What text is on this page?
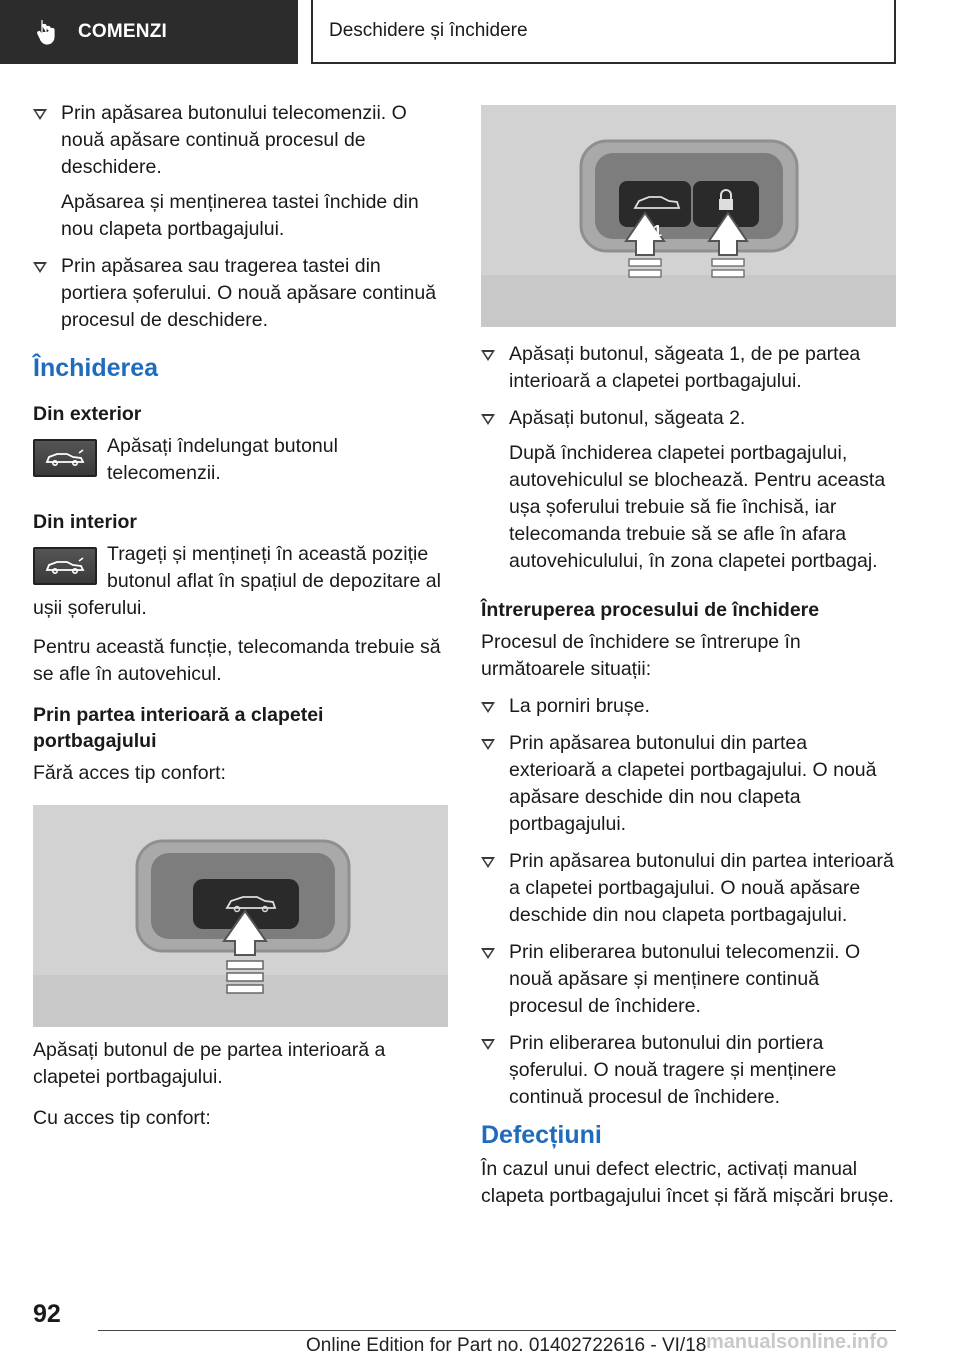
COMENZI	Deschidere și închidere
Prin apăsarea butonului telecomenzii. O nouă apăsare continuă procesul de deschidere.
Apăsarea și menținerea tastei închide din nou clapeta portbagajului.
Prin apăsarea sau tragerea tastei din portiera șoferului. O nouă apăsare continuă procesul de deschidere.
Închiderea
Din exterior

Apăsați îndelungat butonul telecomenzii.

Din interior

Trageți și mențineți în această poziție butonul aflat în spațiul de depozitare al ușii șoferului.

Pentru această funcție, telecomanda trebuie să se afle în autovehicul.

Prin partea interioară a clapetei portbagajului

Fără acces tip confort:

Apăsați butonul de pe partea interioară a clapetei portbagajului.

Cu acces tip confort:

1	2
Apăsați butonul, săgeata 1, de pe partea interioară a clapetei portbagajului.
Apăsați butonul, săgeata 2.
După închiderea clapetei portbagajului, autovehiculul se blochează. Pentru aceasta ușa șoferului trebuie să fie închisă, iar telecomanda trebuie să se afle în afara autovehiculului, în zona clapetei portbagaj.
Întreruperea procesului de închidere

Procesul de închidere se întrerupe în următoarele situații:

La porniri brușe.
Prin apăsarea butonului din partea exterioară a clapetei portbagajului. O nouă apăsare deschide din nou clapeta portbagajului.
Prin apăsarea butonului din partea interioară a clapetei portbagajului. O nouă apăsare deschide din nou clapeta portbagajului.
Prin eliberarea butonului telecomenzii. O nouă apăsare și menținere continuă procesul de închidere.
Prin eliberarea butonului din portiera șoferului. O nouă tragere și menținere continuă procesul de închidere.
Defecțiuni

În cazul unui defect electric, activați manual clapeta portbagajului încet și fără mișcări brușe.

92
Online Edition for Part no. 01402722616 - VI/18 manualsonline.info
